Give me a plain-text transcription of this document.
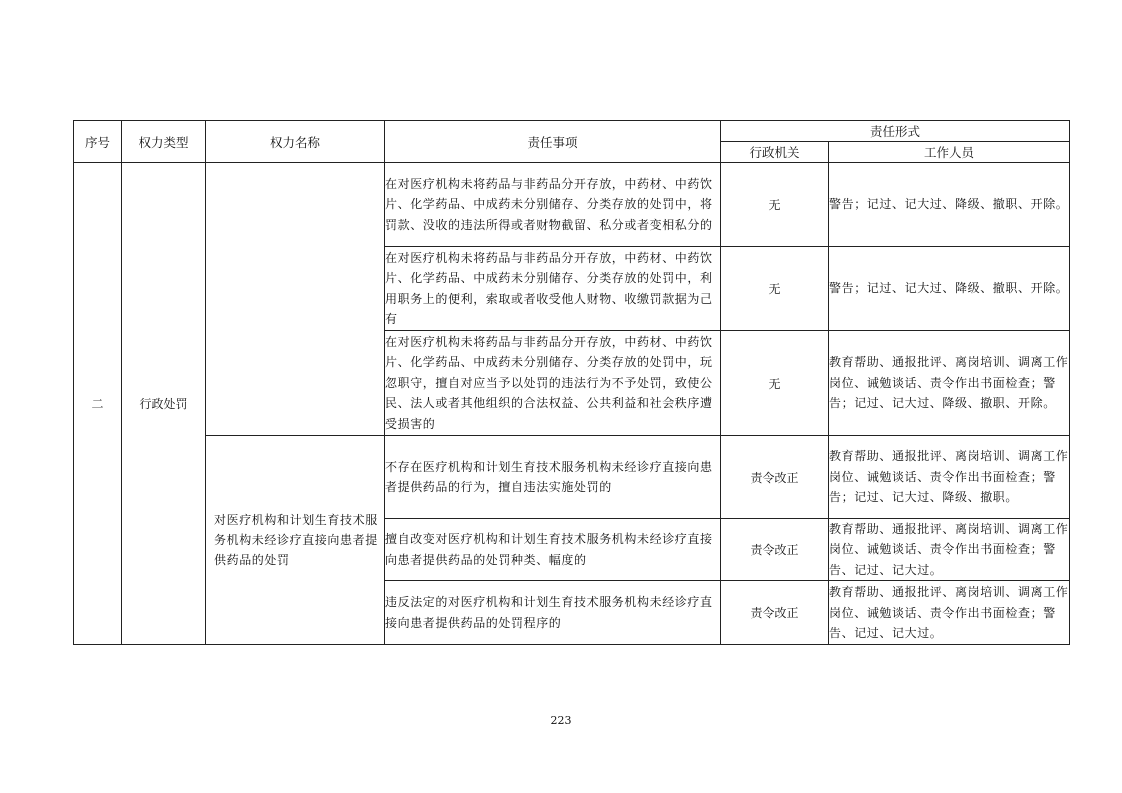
序号	权力类型	权力名称	责任事项	责任形式	
				行政机关	工作人员
二	行政处罚		在对医疗机构未将药品与非药品分开存放，中药材、中药饮片、化学药品、中成药未分别储存、分类存放的处罚中，将罚款、没收的违法所得或者财物截留、私分或者变相私分的	无	警告；记过、记大过、降级、撤职、开除。
			在对医疗机构未将药品与非药品分开存放，中药材、中药饮片、化学药品、中成药未分别储存、分类存放的处罚中，利用职务上的便利，索取或者收受他人财物、收缴罚款据为己有	无	警告；记过、记大过、降级、撤职、开除。
			在对医疗机构未将药品与非药品分开存放，中药材、中药饮片、化学药品、中成药未分别储存、分类存放的处罚中，玩忽职守，擅自对应当予以处罚的违法行为不予处罚，致使公民、法人或者其他组织的合法权益、公共利益和社会秩序遭受损害的	无	教育帮助、通报批评、离岗培训、调离工作岗位、诫勉谈话、责令作出书面检查；警告；记过、记大过、降级、撤职、开除。
		对医疗机构和计划生育技术服务机构未经诊疗直接向患者提供药品的处罚	不存在医疗机构和计划生育技术服务机构未经诊疗直接向患者提供药品的行为，擅自违法实施处罚的	责令改正	教育帮助、通报批评、离岗培训、调离工作岗位、诫勉谈话、责令作出书面检查；警告；记过、记大过、降级、撤职。
			擅自改变对医疗机构和计划生育技术服务机构未经诊疗直接向患者提供药品的处罚种类、幅度的	责令改正	教育帮助、通报批评、离岗培训、调离工作岗位、诫勉谈话、责令作出书面检查；警告、记过、记大过。
			违反法定的对医疗机构和计划生育技术服务机构未经诊疗直接向患者提供药品的处罚程序的	责令改正	教育帮助、通报批评、离岗培训、调离工作岗位、诫勉谈话、责令作出书面检查；警告、记过、记大过。
223
